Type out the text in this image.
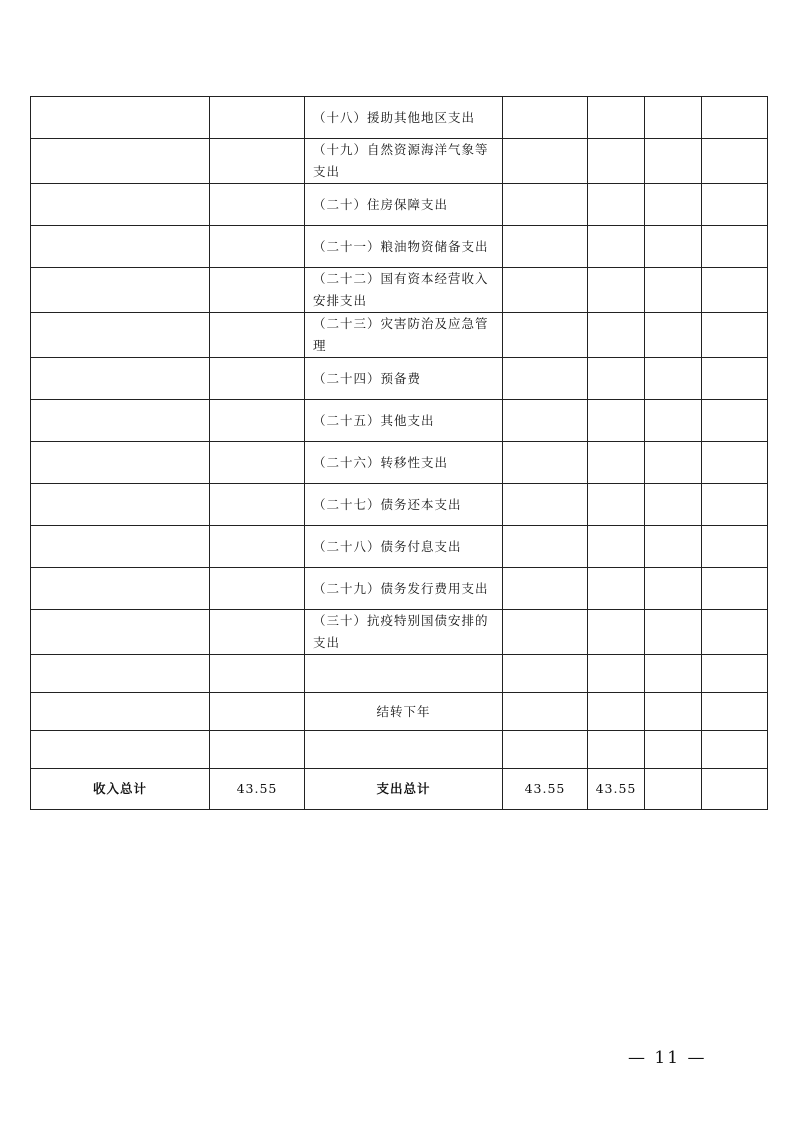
		（十八）援助其他地区支出				
		（十九）自然资源海洋气象等支出				
		（二十）住房保障支出				
		（二十一）粮油物资储备支出				
		（二十二）国有资本经营收入安排支出				
		（二十三）灾害防治及应急管理				
		（二十四）预备费				
		（二十五）其他支出				
		（二十六）转移性支出				
		（二十七）债务还本支出				
		（二十八）债务付息支出				
		（二十九）债务发行费用支出				
		（三十）抗疫特别国债安排的支出				

		结转下年				

收入总计	43.55	支出总计	43.55	43.55		
— 11 —
